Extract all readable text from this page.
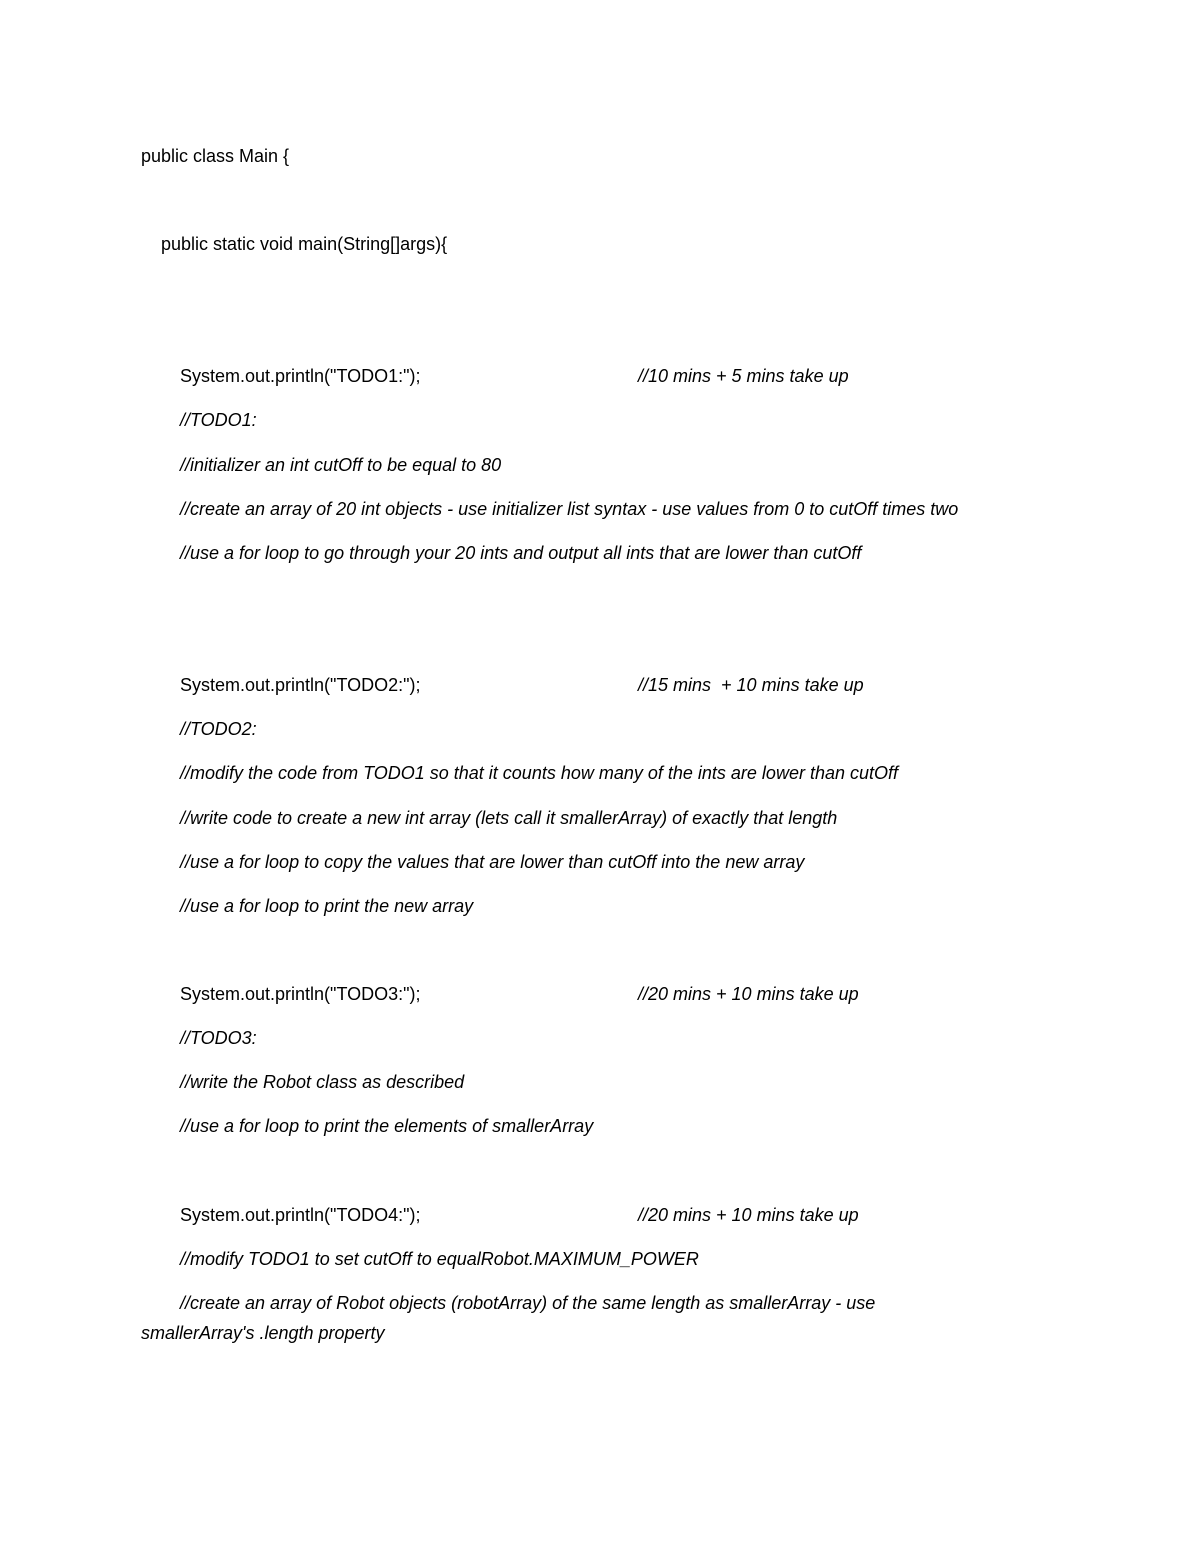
public class Main {

public static void main(String[]args){

System.out.println("TODO1:");	//10 mins + 5 mins take up

//TODO1:

//initializer an int cutOff to be equal to 80

//create an array of 20 int objects - use initializer list syntax - use values from 0 to cutOff times two

//use a for loop to go through your 20 ints and output all ints that are lower than cutOff

System.out.println("TODO2:");	//15 mins  + 10 mins take up

//TODO2:

//modify the code from TODO1 so that it counts how many of the ints are lower than cutOff

//write code to create a new int array (lets call it smallerArray) of exactly that length

//use a for loop to copy the values that are lower than cutOff into the new array

//use a for loop to print the new array

System.out.println("TODO3:");	//20 mins + 10 mins take up

//TODO3:

//write the Robot class as described

//use a for loop to print the elements of smallerArray

System.out.println("TODO4:");	//20 mins + 10 mins take up

//modify TODO1 to set cutOff to equalRobot.MAXIMUM_POWER

//create an array of Robot objects (robotArray) of the same length as smallerArray - use

smallerArray's .length property
